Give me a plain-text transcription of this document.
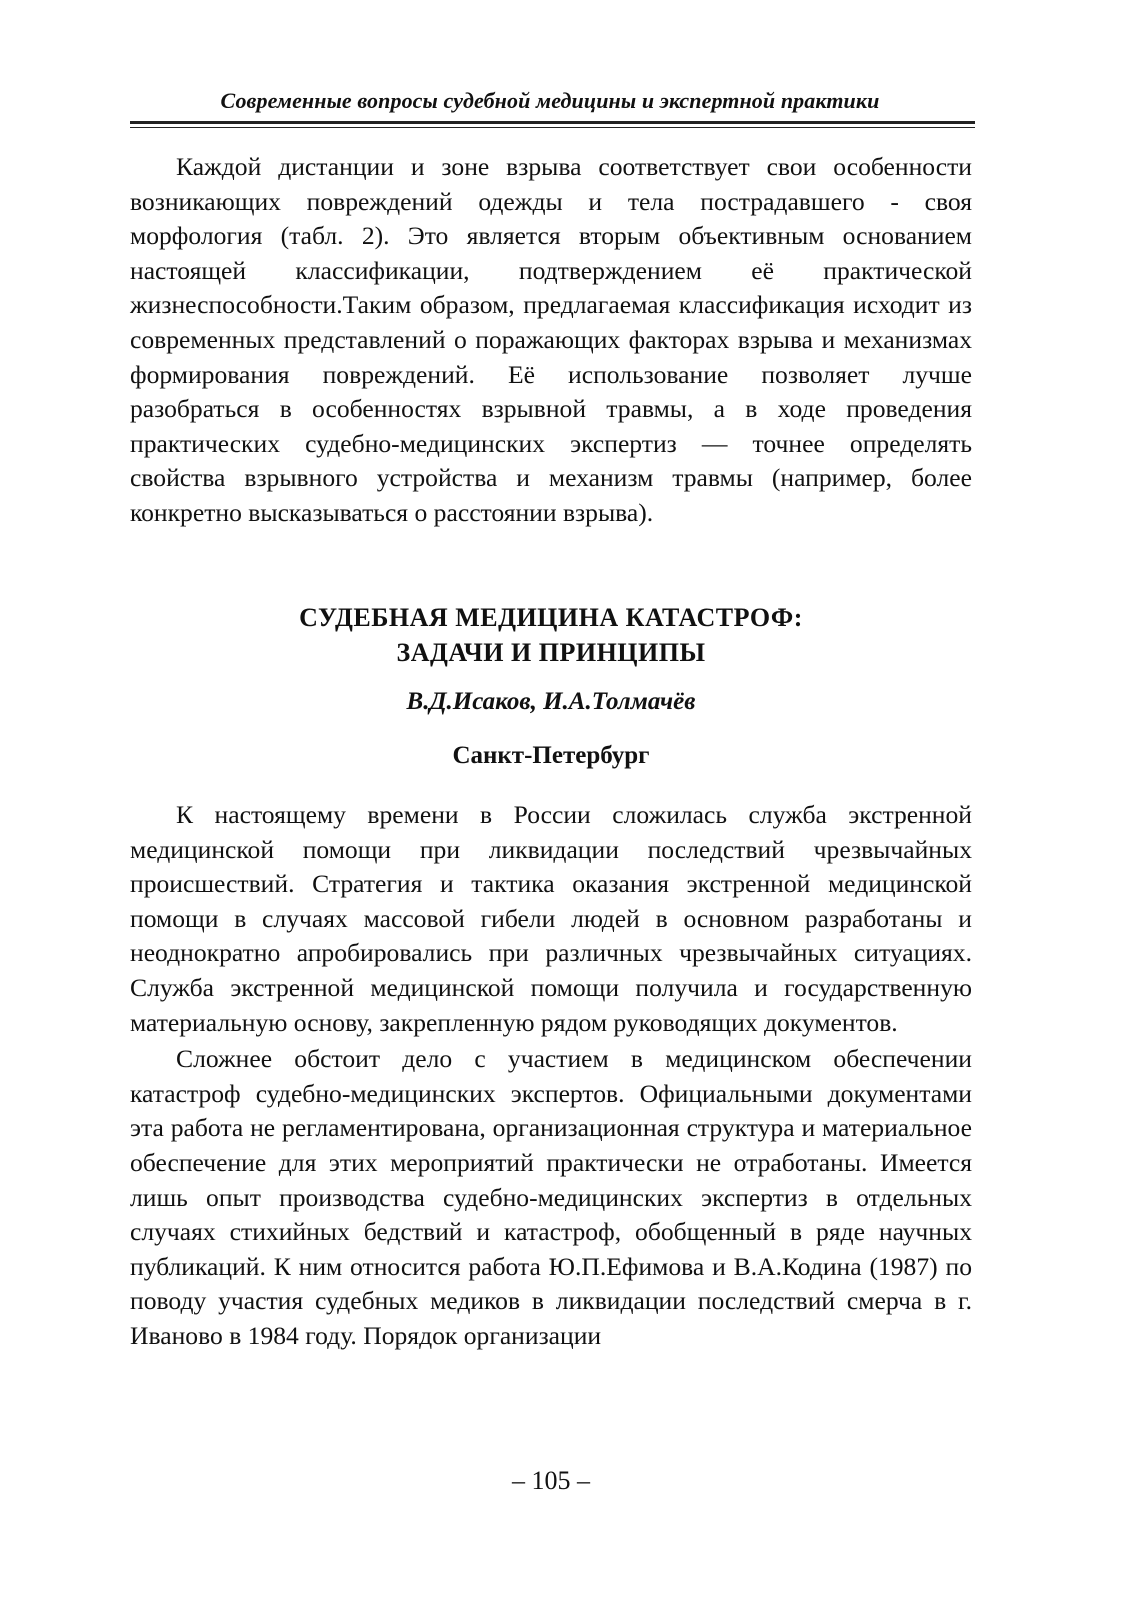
Современные вопросы судебной медицины и экспертной практики

Каждой дистанции и зоне взрыва соответствует свои особенности возникающих повреждений одежды и тела пострадавшего - своя морфология (табл. 2). Это является вторым объективным основанием настоящей классификации, подтверждением её практической жизнеспособности.Таким образом, предлагаемая классификация исходит из современных представлений о поражающих факторах взрыва и механизмах формирования повреждений. Её использование позволяет лучше разобраться в особенностях взрывной травмы, а в ходе проведения практических судебно-медицинских экспертиз — точнее определять свойства взрывного устройства и механизм травмы (например, более конкретно высказываться о расстоянии взрыва).

СУДЕБНАЯ МЕДИЦИНА КАТАСТРОФ:
ЗАДАЧИ И ПРИНЦИПЫ
В.Д.Исаков, И.А.Толмачёв
Санкт-Петербург

К настоящему времени в России сложилась служба экстренной медицинской помощи при ликвидации последствий чрезвычайных происшествий. Стратегия и тактика оказания экстренной медицинской помощи в случаях массовой гибели людей в основном разработаны и неоднократно апробировались при различных чрезвычайных ситуациях. Служба экстренной медицинской помощи получила и государственную материальную основу, закрепленную рядом руководящих документов.

Сложнее обстоит дело с участием в медицинском обеспечении катастроф судебно-медицинских экспертов. Официальными документами эта работа не регламентирована, организационная структура и материальное обеспечение для этих мероприятий практически не отработаны. Имеется лишь опыт производства судебно-медицинских экспертиз в отдельных случаях стихийных бедствий и катастроф, обобщенный в ряде научных публикаций. К ним относится работа Ю.П.Ефимова и В.А.Кодина (1987) по поводу участия судебных медиков в ликвидации последствий смерча в г. Иваново в 1984 году. Порядок организации

– 105 –
